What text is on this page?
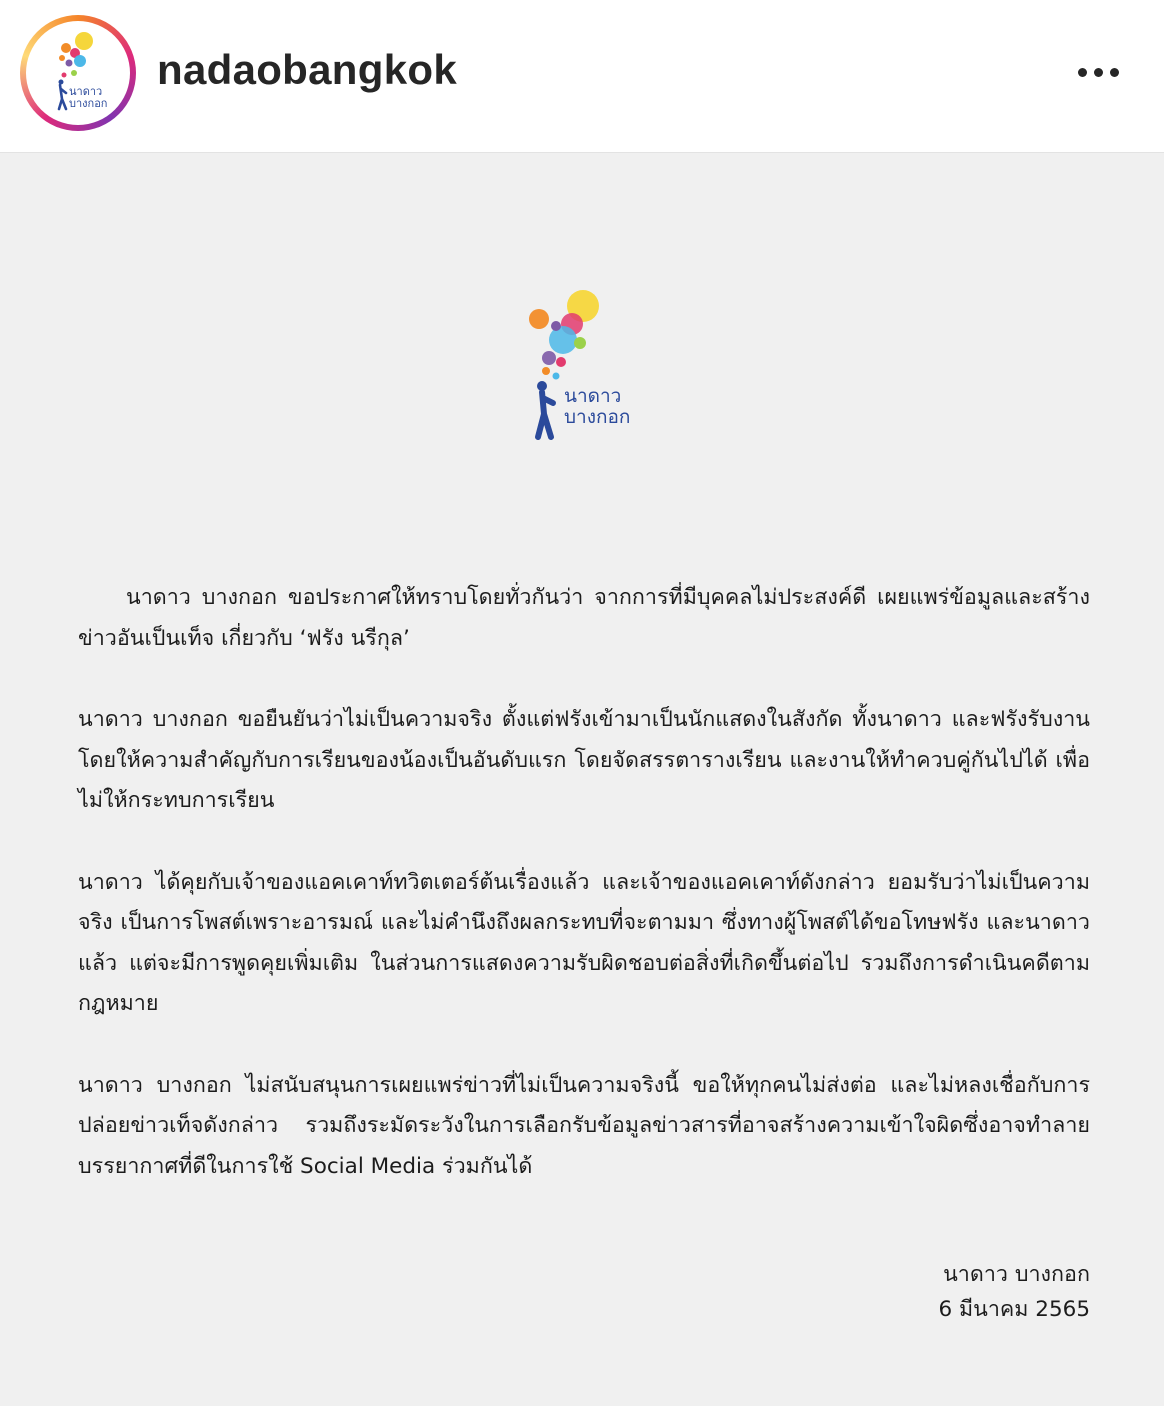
นาดาว
บางกอก
nadaobangkok
นาดาว
บางกอก

นาดาว บางกอก ขอประกาศให้ทราบโดยทั่วกันว่า จากการที่มีบุคคลไม่ประสงค์ดี เผยแพร่ข้อมูลและสร้างข่าวอันเป็นเท็จ เกี่ยวกับ ‘ฟรัง นรีกุล’

นาดาว บางกอก ขอยืนยันว่าไม่เป็นความจริง ตั้งแต่ฟรังเข้ามาเป็นนักแสดงในสังกัด ทั้งนาดาว และฟรังรับงานโดยให้ความสำคัญกับการเรียนของน้องเป็นอันดับแรก โดยจัดสรรตารางเรียน และงานให้ทำควบคู่กันไปได้ เพื่อไม่ให้กระทบการเรียน

นาดาว ได้คุยกับเจ้าของแอคเคาท์ทวิตเตอร์ต้นเรื่องแล้ว และเจ้าของแอคเคาท์ดังกล่าว ยอมรับว่าไม่เป็นความจริง เป็นการโพสต์เพราะอารมณ์ และไม่คำนึงถึงผลกระทบที่จะตามมา ซึ่งทางผู้โพสต์ได้ขอโทษฟรัง และนาดาวแล้ว แต่จะมีการพูดคุยเพิ่มเติม ในส่วนการแสดงความรับผิดชอบต่อสิ่งที่เกิดขึ้นต่อไป รวมถึงการดำเนินคดีตามกฎหมาย

นาดาว บางกอก ไม่สนับสนุนการเผยแพร่ข่าวที่ไม่เป็นความจริงนี้ ขอให้ทุกคนไม่ส่งต่อ และไม่หลงเชื่อกับการปล่อยข่าวเท็จดังกล่าว รวมถึงระมัดระวังในการเลือกรับข้อมูลข่าวสารที่อาจสร้างความเข้าใจผิดซึ่งอาจทำลายบรรยากาศที่ดีในการใช้ Social Media ร่วมกันได้

นาดาว บางกอก
6 มีนาคม 2565
